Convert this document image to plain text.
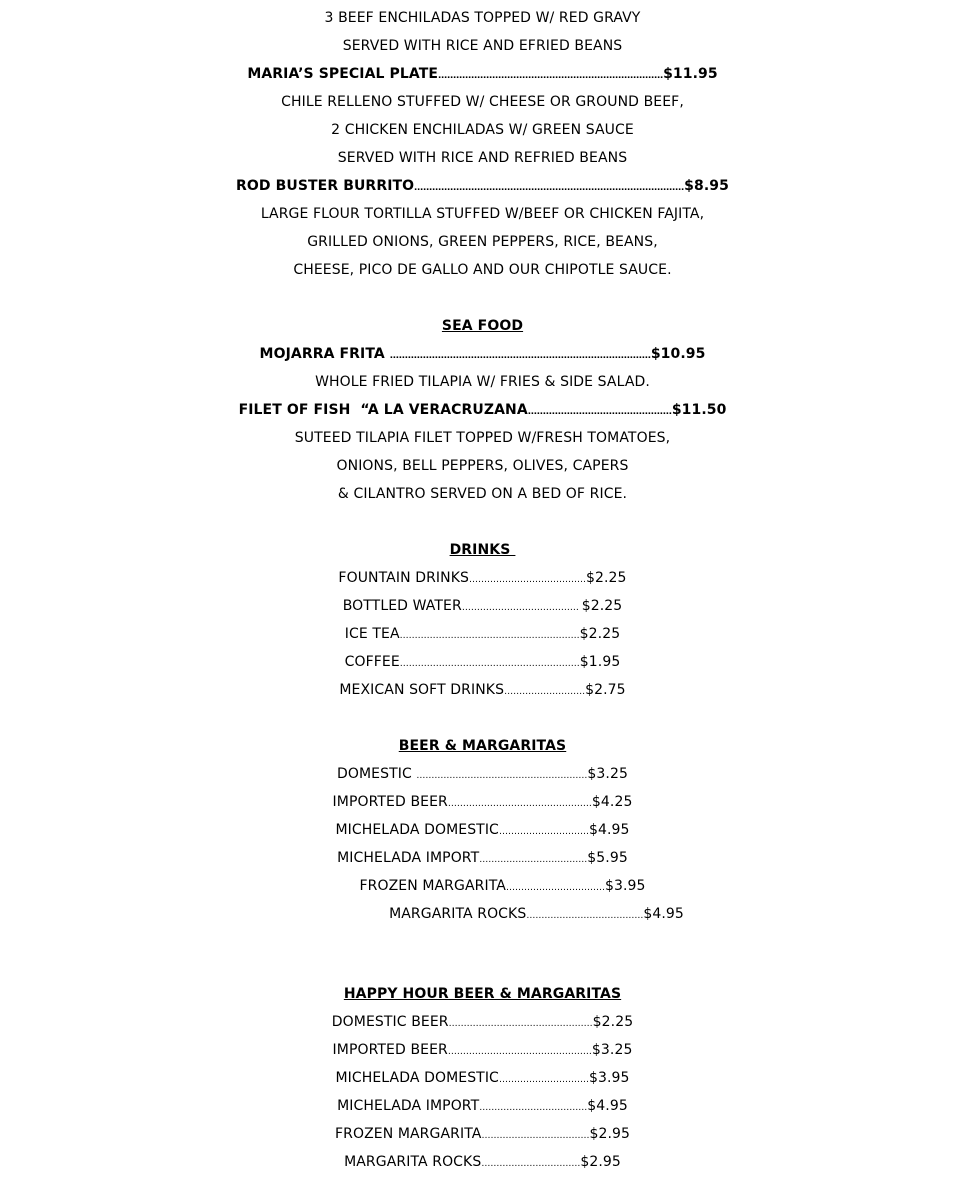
3 BEEF ENCHILADAS TOPPED W/ RED GRAVY
SERVED WITH RICE AND EFRIED BEANS
MARIA’S SPECIAL PLATE…………………………………………………………………$11.95
CHILE RELLENO STUFFED W/ CHEESE OR GROUND BEEF,
2 CHICKEN ENCHILADAS W/ GREEN SAUCE
SERVED WITH RICE AND REFRIED BEANS
ROD BUSTER BURRITO………………………………………………………………………………$8.95
LARGE FLOUR TORTILLA STUFFED W/BEEF OR CHICKEN FAJITA,
GRILLED ONIONS, GREEN PEPPERS, RICE, BEANS,
CHEESE, PICO DE GALLO AND OUR CHIPOTLE SAUCE.
SEA FOOD
MOJARRA FRITA ……………………………………………………………………………$10.95
WHOLE FRIED TILAPIA W/ FRIES & SIDE SALAD.
FILET OF FISH  “A LA VERACRUZANA…………………………………………$11.50
SUTEED TILAPIA FILET TOPPED W/FRESH TOMATOES,
ONIONS, BELL PEPPERS, OLIVES, CAPERS
& CILANTRO SERVED ON A BED OF RICE.
DRINKS
FOUNTAIN DRINKS…………………………………$2.25
BOTTLED WATER………………………………… $2.25
ICE TEA……………………………………………………$2.25
COFFEE……………………………………………………$1.95
MEXICAN SOFT DRINKS………………………$2.75
BEER & MARGARITAS
DOMESTIC …………………………………………………$3.25
IMPORTED BEER…………………………………………$4.25
MICHELADA DOMESTIC…………………………$4.95
MICHELADA IMPORT………………………………$5.95
FROZEN MARGARITA……………………………$3.95
MARGARITA ROCKS…………………………………$4.95
HAPPY HOUR BEER & MARGARITAS
DOMESTIC BEER…………………………………………$2.25
IMPORTED BEER…………………………………………$3.25
MICHELADA DOMESTIC…………………………$3.95
MICHELADA IMPORT………………………………$4.95
FROZEN MARGARITA………………………………$2.95
MARGARITA ROCKS……………………………$2.95
